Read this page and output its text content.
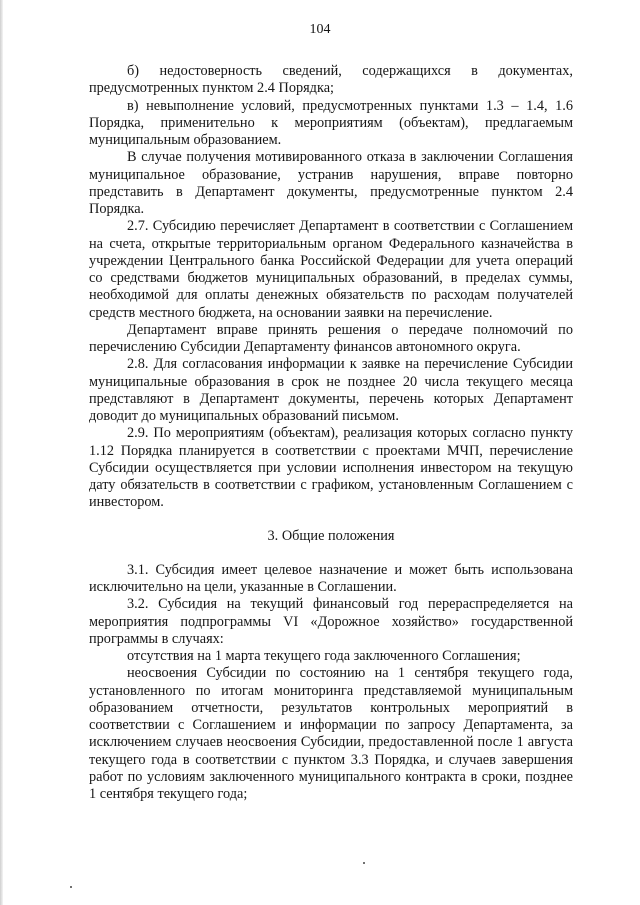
104

б) недостоверность сведений, содержащихся в документах, предусмотренных пунктом 2.4 Порядка;

в) невыполнение условий, предусмотренных пунктами 1.3 – 1.4, 1.6 Порядка, применительно к мероприятиям (объектам), предлагаемым муниципальным образованием.

В случае получения мотивированного отказа в заключении Соглашения муниципальное образование, устранив нарушения, вправе повторно представить в Департамент документы, предусмотренные пунктом 2.4 Порядка.

2.7. Субсидию перечисляет Департамент в соответствии с Соглашением на счета, открытые территориальным органом Федерального казначейства в учреждении Центрального банка Российской Федерации для учета операций со средствами бюджетов муниципальных образований, в пределах суммы, необходимой для оплаты денежных обязательств по расходам получателей средств местного бюджета, на основании заявки на перечисление.

Департамент вправе принять решения о передаче полномочий по перечислению Субсидии Департаменту финансов автономного округа.

2.8. Для согласования информации к заявке на перечисление Субсидии муниципальные образования в срок не позднее 20 числа текущего месяца представляют в Департамент документы, перечень которых Департамент доводит до муниципальных образований письмом.

2.9. По мероприятиям (объектам), реализация которых согласно пункту 1.12 Порядка планируется в соответствии с проектами МЧП, перечисление Субсидии осуществляется при условии исполнения инвестором на текущую дату обязательств в соответствии с графиком, установленным Соглашением с инвестором.

3. Общие положения

3.1. Субсидия имеет целевое назначение и может быть использована исключительно на цели, указанные в Соглашении.

3.2. Субсидия на текущий финансовый год перераспределяется на мероприятия подпрограммы VI «Дорожное хозяйство» государственной программы в случаях:

отсутствия на 1 марта текущего года заключенного Соглашения;

неосвоения Субсидии по состоянию на 1 сентября текущего года, установленного по итогам мониторинга представляемой муниципальным образованием отчетности, результатов контрольных мероприятий в соответствии с Соглашением и информации по запросу Департамента, за исключением случаев неосвоения Субсидии, предоставленной после 1 августа текущего года в соответствии с пунктом 3.3 Порядка, и случаев завершения работ по условиям заключенного муниципального контракта в сроки, позднее 1 сентября текущего года;
